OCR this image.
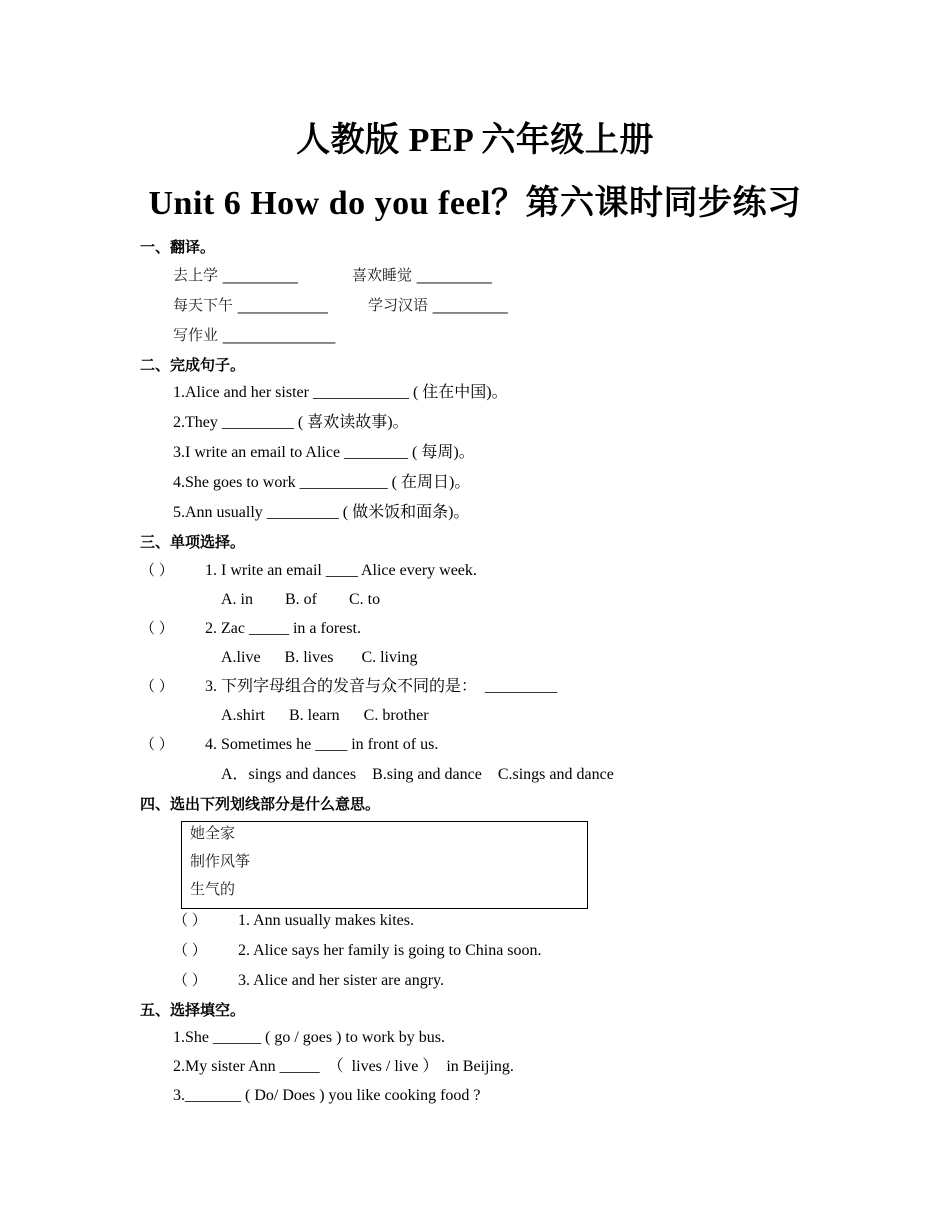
人教版 PEP 六年级上册
Unit 6 How do you feel？第六课时同步练习
一、翻译。
去上学 __________	喜欢睡觉 __________
每天下午 ____________	学习汉语 __________
写作业 _______________
二、完成句子。
1.Alice and her sister ____________ ( 住在中国)。
2.They _________ ( 喜欢读故事)。
3.I write an email to Alice ________ ( 每周)。
4.She goes to work ___________ ( 在周日)。
5.Ann usually _________ ( 做米饭和面条)。
三、单项选择。
（ ） 1. I write an email ____ Alice every week.
A. in        B. of        C. to
（ ） 2. Zac _____ in a forest.
A.live      B. lives       C. living
（ ） 3. 下列字母组合的发音与众不同的是：  _________
A.shirt      B. learn      C. brother
（ ） 4. Sometimes he ____ in front of us.
A．sings and dances    B.sing and dance    C.sings and dance
四、选出下列划线部分是什么意思。
她全家
制作风筝
生气的
（ ） 1. Ann usually makes kites.
（ ） 2. Alice says her family is going to China soon.
（ ） 3. Alice and her sister are angry.
五、选择填空。
1.She ______ ( go / goes ) to work by bus.
2.My sister Ann _____  （  lives / live ）  in Beijing.
3._______ ( Do/ Does ) you like cooking food ?
